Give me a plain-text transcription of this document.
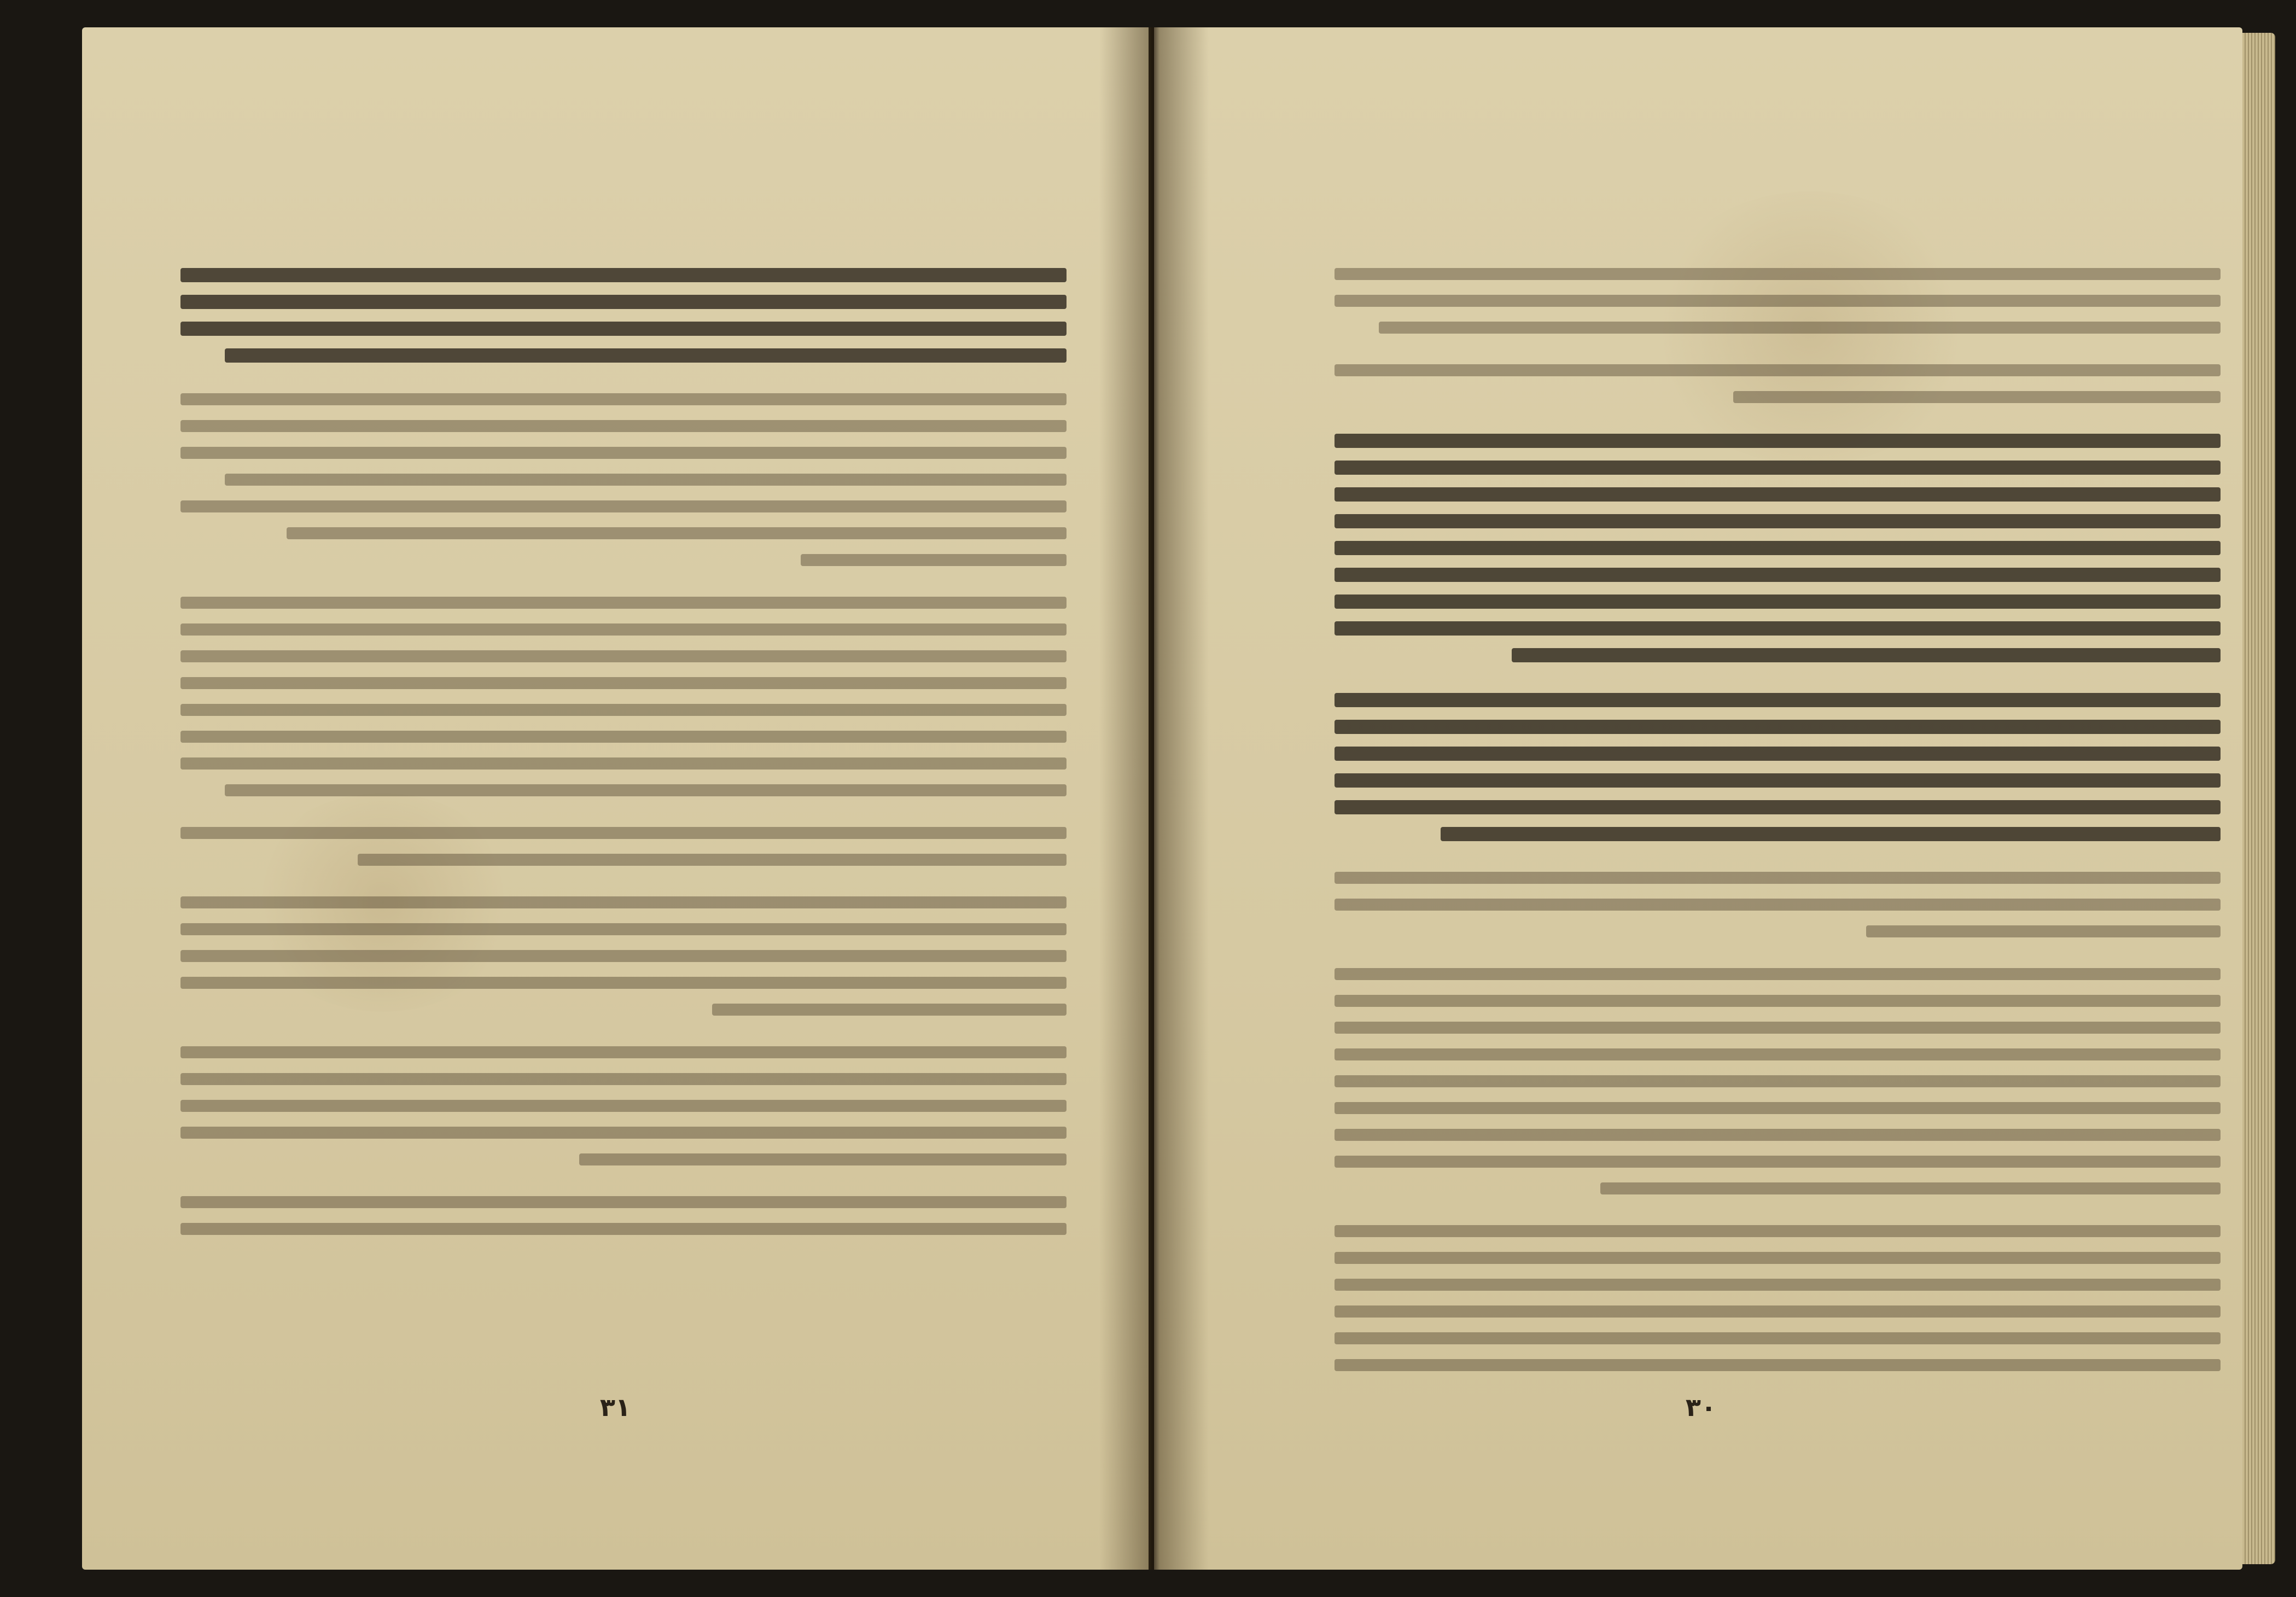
٣١	٣٠
